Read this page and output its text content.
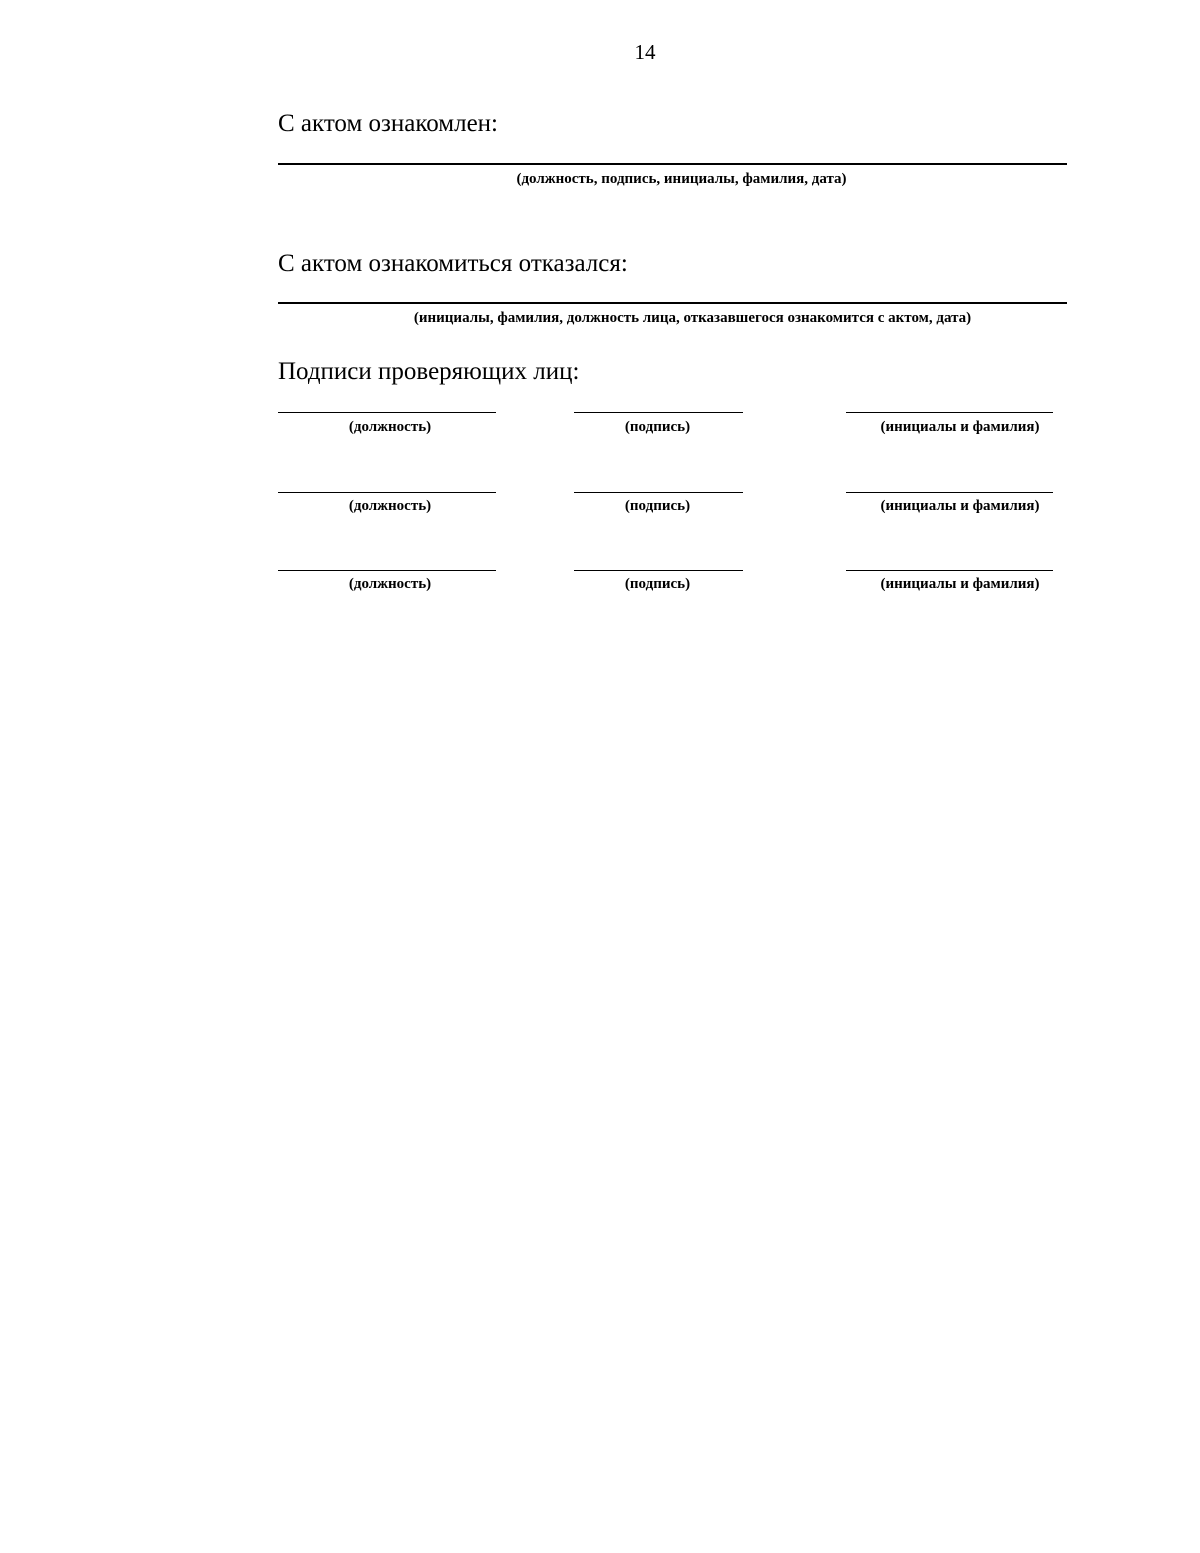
14
С актом ознакомлен:
(должность, подпись, инициалы, фамилия, дата)
С актом ознакомиться отказался:
(инициалы, фамилия, должность лица, отказавшегося ознакомится с актом, дата)
Подписи проверяющих лиц:
(должность)	(подпись)	(инициалы и фамилия)
(должность)	(подпись)	(инициалы и фамилия)
(должность)	(подпись)	(инициалы и фамилия)
